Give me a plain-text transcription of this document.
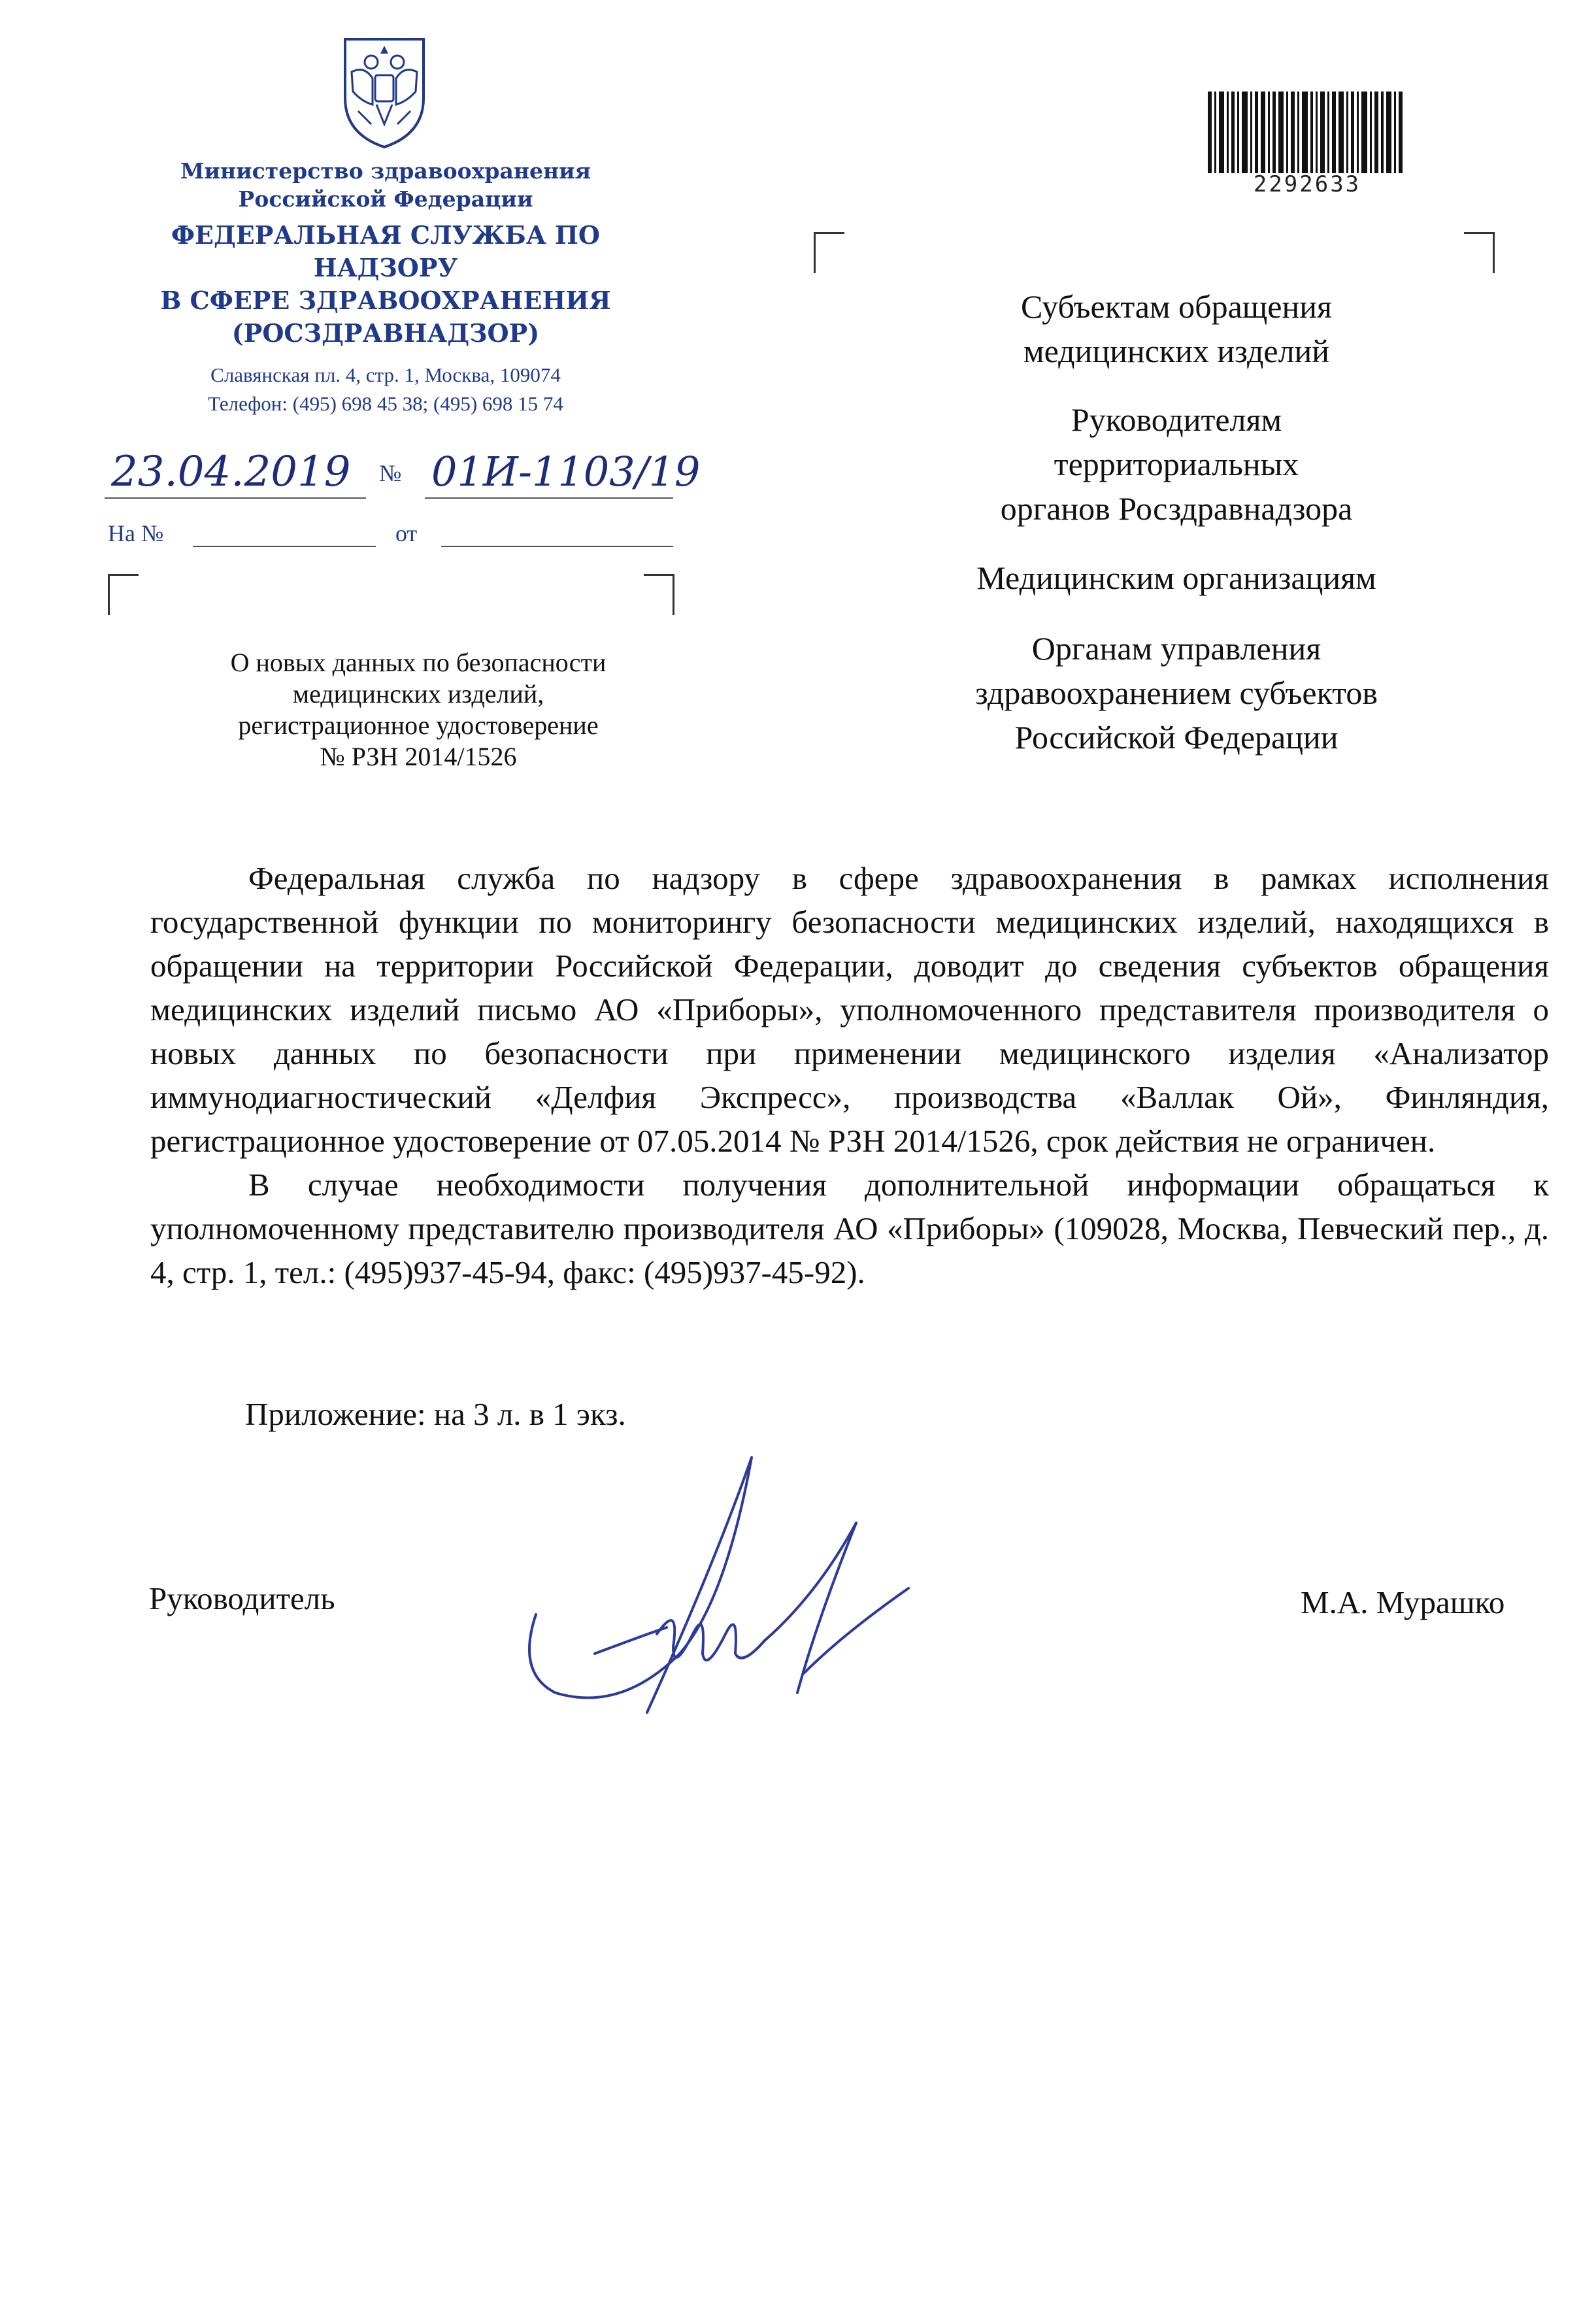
Министерство здравоохранения
Российской Федерации
ФЕДЕРАЛЬНАЯ СЛУЖБА ПО НАДЗОРУ
В СФЕРЕ ЗДРАВООХРАНЕНИЯ
(РОСЗДРАВНАДЗОР)
Славянская пл. 4, стр. 1, Москва, 109074
Телефон: (495) 698 45 38; (495) 698 15 74
23.04.2019	№ 01И-1103/19
На №	от
О новых данных по безопасности
медицинских изделий,
регистрационное удостоверение
№ РЗН 2014/1526
2292633
Субъектам обращения
медицинских изделий
Руководителям
территориальных
органов Росздравнадзора
Медицинским организациям
Органам управления
здравоохранением субъектов
Российской Федерации

Федеральная служба по надзору в сфере здравоохранения в рамках исполнения государственной функции по мониторингу безопасности медицинских изделий, находящихся в обращении на территории Российской Федерации, доводит до сведения субъектов обращения медицинских изделий письмо АО «Приборы», уполномоченного представителя производителя о новых данных по безопасности при применении медицинского изделия «Анализатор иммунодиагностический «Делфия Экспресс», производства «Валлак Ой», Финляндия, регистрационное удостоверение от 07.05.2014 № РЗН 2014/1526, срок действия не ограничен.

В случае необходимости получения дополнительной информации обращаться к уполномоченному представителю производителя АО «Приборы» (109028, Москва, Певческий пер., д. 4, стр. 1, тел.: (495)937-45-94, факс: (495)937-45-92).

Приложение: на 3 л. в 1 экз.
Руководитель	М.А. Мурашко
